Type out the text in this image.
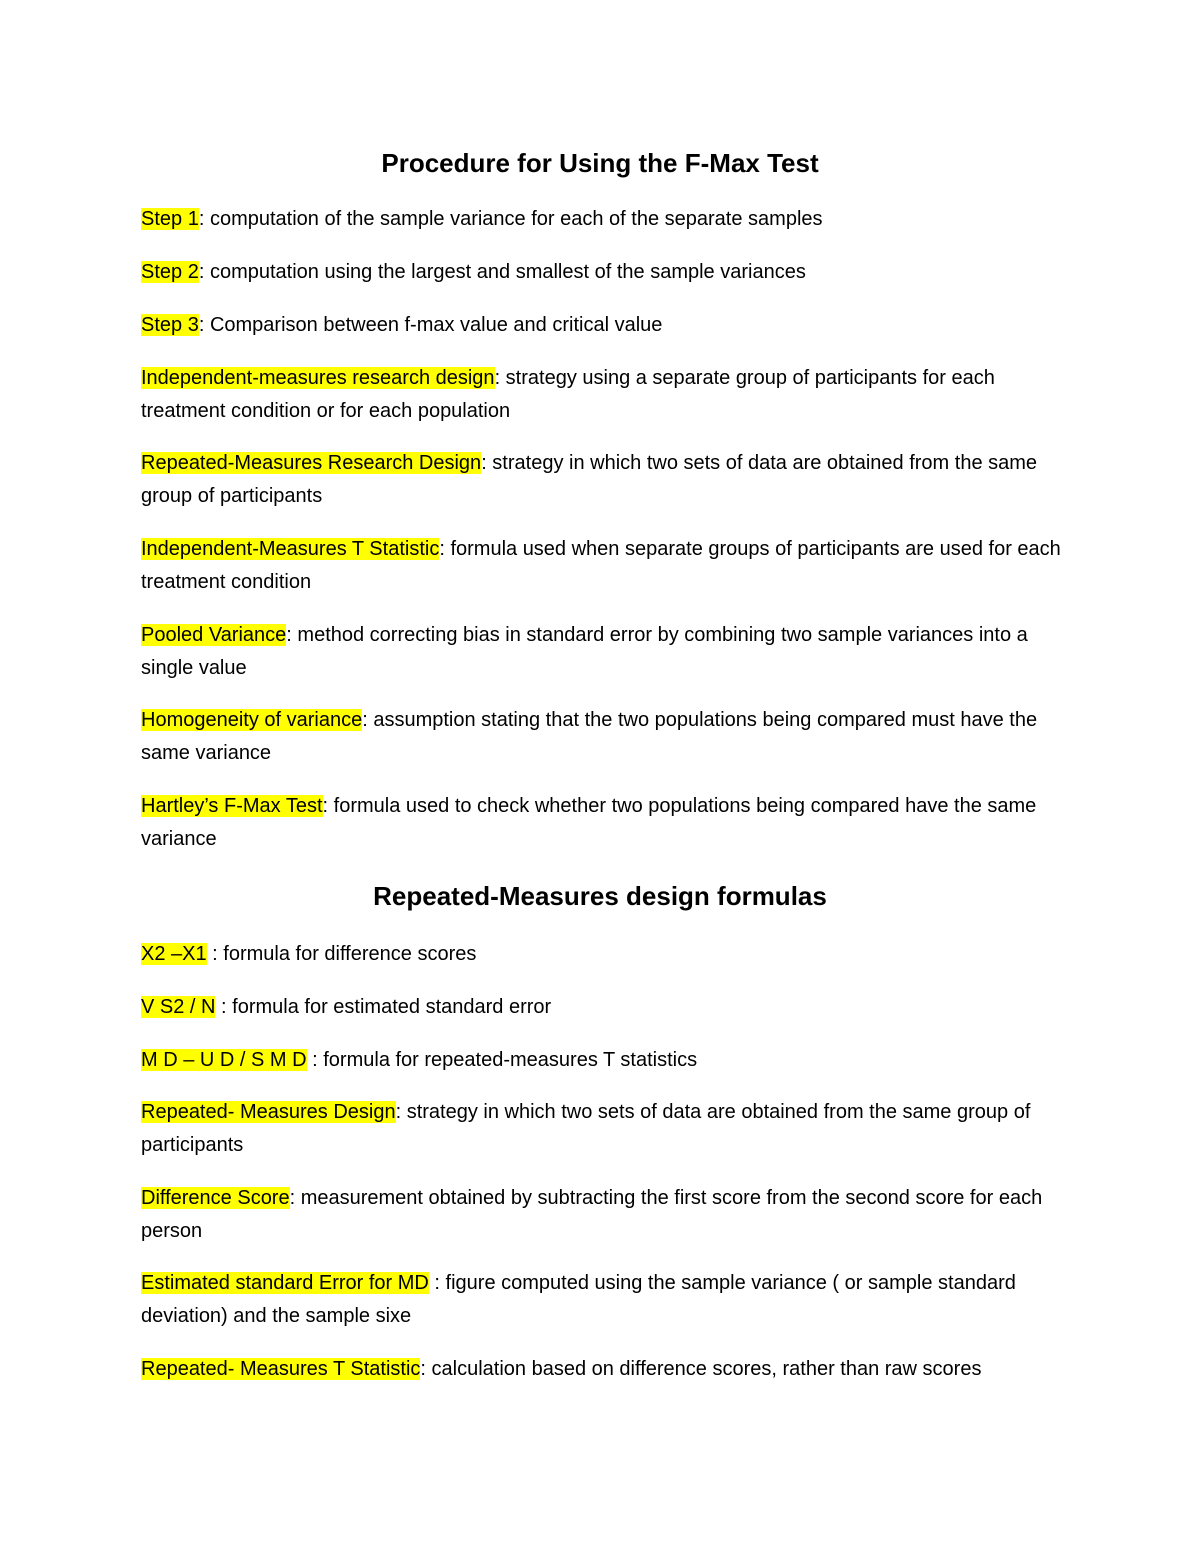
Procedure for Using the F-Max Test

Step 1: computation of the sample variance for each of the separate samples

Step 2: computation using the largest and smallest of the sample variances

Step 3: Comparison between f-max value and critical value

Independent-measures research design: strategy using a separate group of participants for each treatment condition or for each population

Repeated-Measures Research Design: strategy in which two sets of data are obtained from the same group of participants

Independent-Measures T Statistic: formula used when separate groups of participants are used for each treatment condition

Pooled Variance: method correcting bias in standard error by combining two sample variances into a single value

Homogeneity of variance: assumption stating that the two populations being compared must have the same variance

Hartley’s F-Max Test: formula used to check whether two populations being compared have the same variance

Repeated-Measures design formulas

X2 –X1 : formula for difference scores

V S2 / N : formula for estimated standard error

M D – U D / S M D : formula for repeated-measures T statistics

Repeated- Measures Design: strategy in which two sets of data are obtained from the same group of participants

Difference Score: measurement obtained by subtracting the first score from the second score for each person

Estimated standard Error for MD : figure computed using the sample variance ( or sample standard deviation) and the sample sixe

Repeated- Measures T Statistic: calculation based on difference scores, rather than raw scores
